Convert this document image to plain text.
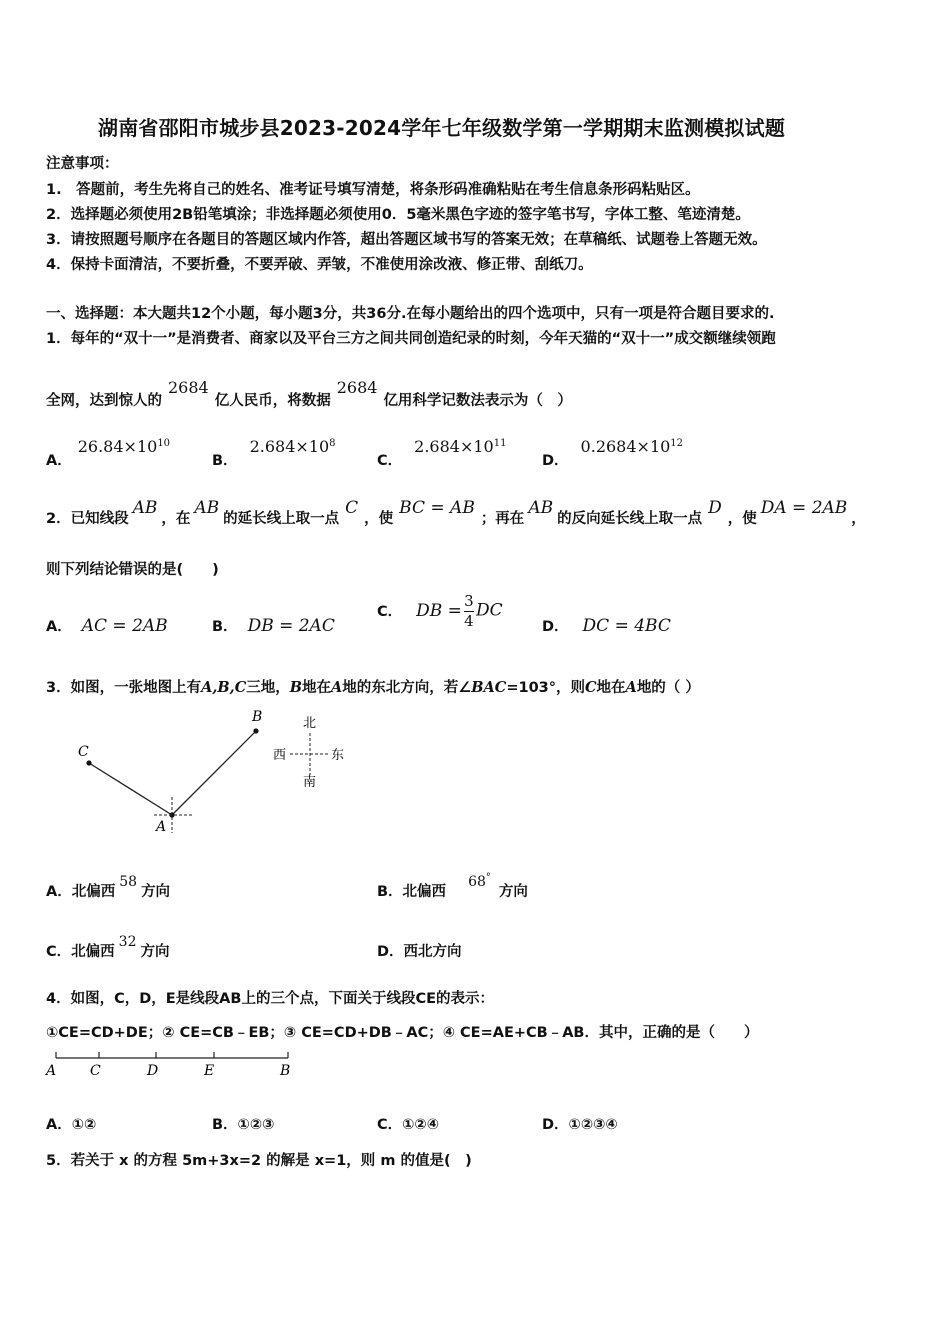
湖南省邵阳市城步县2023-2024学年七年级数学第一学期期末监测模拟试题
注意事项：
1.　答题前，考生先将自己的姓名、准考证号填写清楚，将条形码准确粘贴在考生信息条形码粘贴区。
2．选择题必须使用2B铅笔填涂；非选择题必须使用0．5毫米黑色字迹的签字笔书写，字体工整、笔迹清楚。
3．请按照题号顺序在各题目的答题区域内作答，超出答题区域书写的答案无效；在草稿纸、试题卷上答题无效。
4．保持卡面清洁，不要折叠，不要弄破、弄皱，不准使用涂改液、修正带、刮纸刀。
一、选择题：本大题共12个小题，每小题3分，共36分.在每小题给出的四个选项中，只有一项是符合题目要求的.
1．每年的“双十一”是消费者、商家以及平台三方之间共同创造纪录的时刻，今年天猫的“双十一”成交额继续领跑
全网，达到惊人的2684亿人民币，将数据2684亿用科学记数法表示为（　）
A．$26.84\times 10^{10}$
B．$2.684\times 10^8$
C．$2.684\times 10^{11}$
D．$0.2684\times 10^{12}$
2．已知线段AB，在AB的延长线上取一点C，使BC = AB；再在AB的反向延长线上取一点D，使DA = 2AB，
则下列结论错误的是(　　)
A． AC = 2AB	B． DB = 2AC
C． DB = $\frac{3}{4}$ DC
D． DC = 4BC
3．如图，一张地图上有A,B,C三地，B地在A地的东北方向，若∠BAC=103°，则C地在A地的（ ）
C
B
A
北
南
西	东
A．北偏西58方向	B．北偏西68°方向
C．北偏西32方向	D．西北方向
4．如图，C，D，E是线段AB上的三个点，下面关于线段CE的表示：
①CE=CD+DE；② CE=CB﹣EB；③ CE=CD+DB﹣AC；④ CE=AE+CB﹣AB．其中，正确的是（　　）
A C	D	E	B
A．①②	B．①②③	C．①②④	D．①②③④
5．若关于 x 的方程 5m+3x=2 的解是 x=1，则 m 的值是(　)
